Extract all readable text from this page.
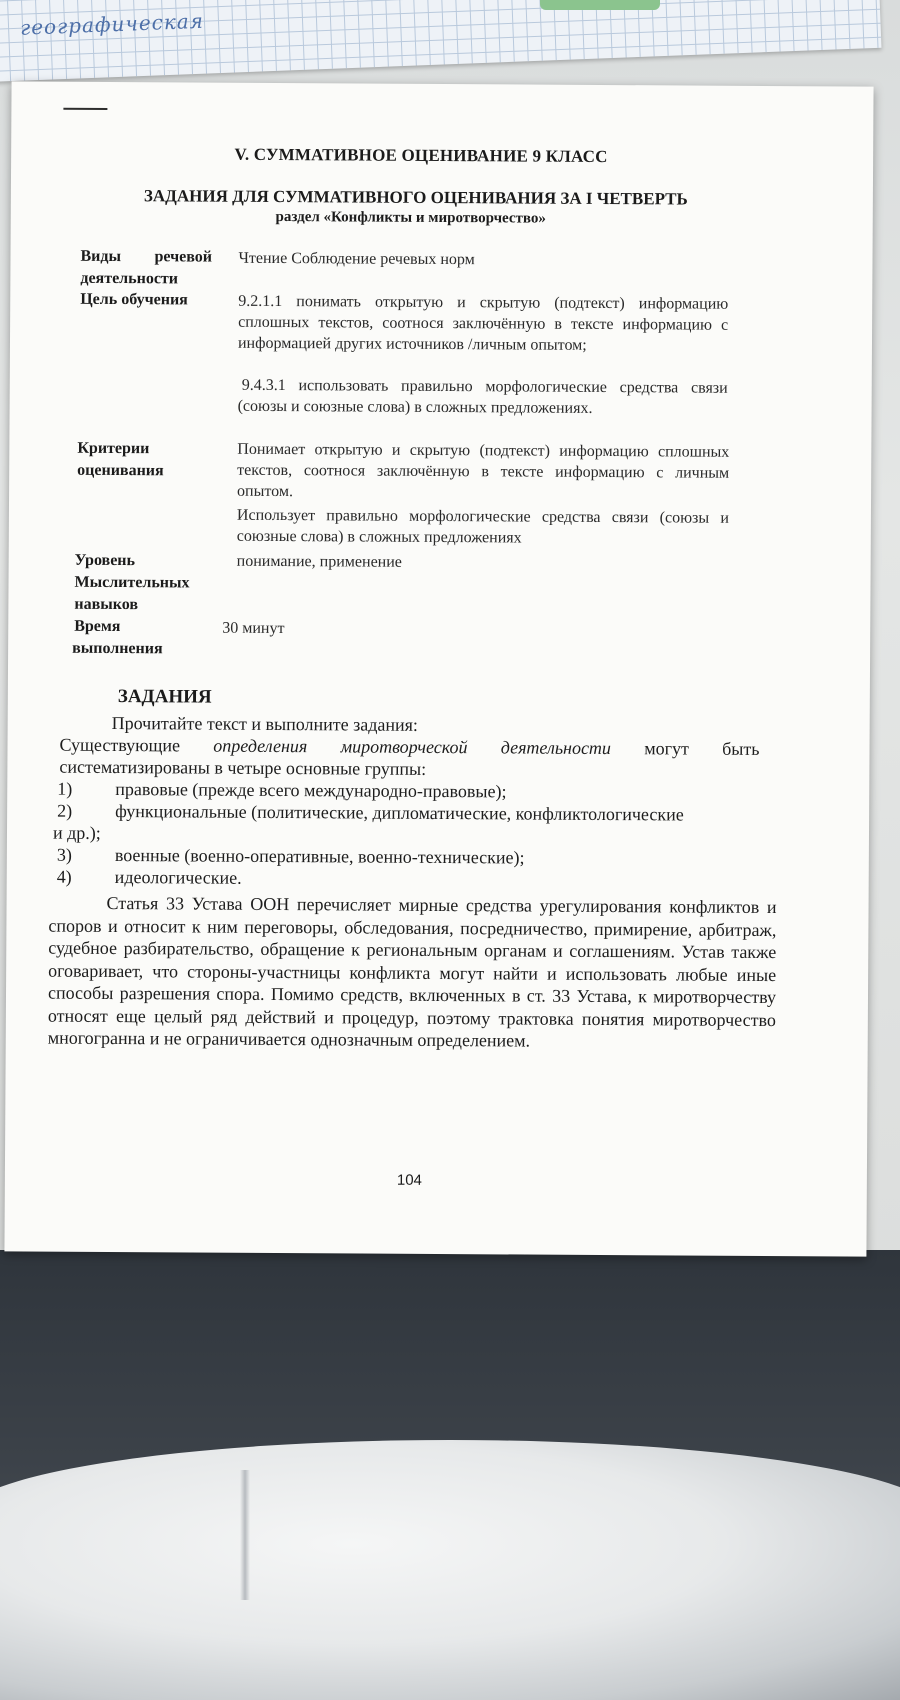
географическая
V. СУММАТИВНОЕ ОЦЕНИВАНИЕ 9 КЛАСС
ЗАДАНИЯ ДЛЯ СУММАТИВНОГО ОЦЕНИВАНИЯ ЗА I ЧЕТВЕРТЬ
раздел «Конфликты и миротворчество»
Виды речевой
деятельности
Чтение Соблюдение речевых норм
Цель обучения	9.2.1.1 понимать открытую и скрытую (подтекст) информацию сплошных текстов, соотнося заключённую в тексте информацию с информацией других источников /личным опытом;
9.4.3.1 использовать правильно морфологические средства связи (союзы и союзные слова) в сложных предложениях.
Критерии
оценивания
Понимает открытую и скрытую (подтекст) информацию сплошных текстов, соотнося заключённую в тексте информацию с личным опытом.
Использует правильно морфологические средства связи (союзы и союзные слова) в сложных предложениях
Уровень
Мыслительных
навыков
понимание, применение
Время
выполнения
30 минут
ЗАДАНИЯ
Прочитайте текст и выполните задания:
Существующие определения миротворческой деятельности могут быть
систематизированы в четыре основные группы:
1) правовые (прежде всего международно-правовые);
2) функциональные (политические, дипломатические, конфликтологические
и др.);
3) военные (военно-оперативные, военно-технические);
4) идеологические.
Статья 33 Устава ООН перечисляет мирные средства урегулирования конфликтов и споров и относит к ним переговоры, обследования, посредничество, примирение, арбитраж, судебное разбирательство, обращение к региональным органам и соглашениям. Устав также оговаривает, что стороны-участницы конфликта могут найти и использовать любые иные способы разрешения спора. Помимо средств, включенных в ст. 33 Устава, к миротворчеству относят еще целый ряд действий и процедур, поэтому трактовка понятия миротворчество многогранна и не ограничивается однозначным определением.
104
